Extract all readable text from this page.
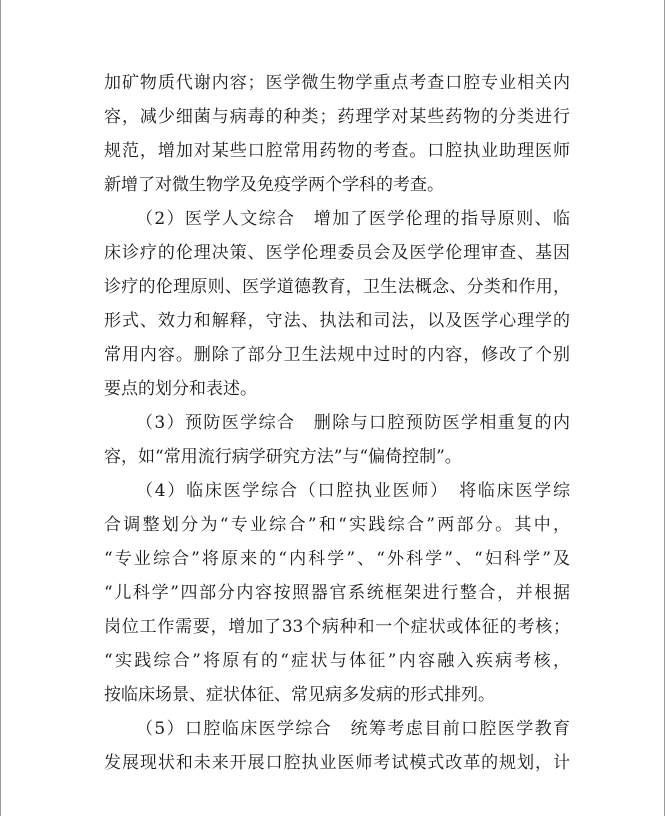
加矿物质代谢内容；医学微生物学重点考查口腔专业相关内
容，减少细菌与病毒的种类；药理学对某些药物的分类进行
规范，增加对某些口腔常用药物的考查。口腔执业助理医师
新增了对微生物学及免疫学两个学科的考查。
（2）医学人文综合　增加了医学伦理的指导原则、临
床诊疗的伦理决策、医学伦理委员会及医学伦理审查、基因
诊疗的伦理原则、医学道德教育，卫生法概念、分类和作用，
形式、效力和解释，守法、执法和司法，以及医学心理学的
常用内容。删除了部分卫生法规中过时的内容，修改了个别
要点的划分和表述。
（3）预防医学综合　删除与口腔预防医学相重复的内
容，如“常用流行病学研究方法”与“偏倚控制”。
（4）临床医学综合（口腔执业医师）　将临床医学综
合调整划分为“专业综合”和“实践综合”两部分。其中，
“专业综合”将原来的“内科学”、“外科学”、“妇科学”及
“儿科学”四部分内容按照器官系统框架进行整合，并根据
岗位工作需要，增加了33个病种和一个症状或体征的考核；
“实践综合”将原有的“症状与体征”内容融入疾病考核，
按临床场景、症状体征、常见病多发病的形式排列。
（5）口腔临床医学综合　统筹考虑目前口腔医学教育
发展现状和未来开展口腔执业医师考试模式改革的规划，计
